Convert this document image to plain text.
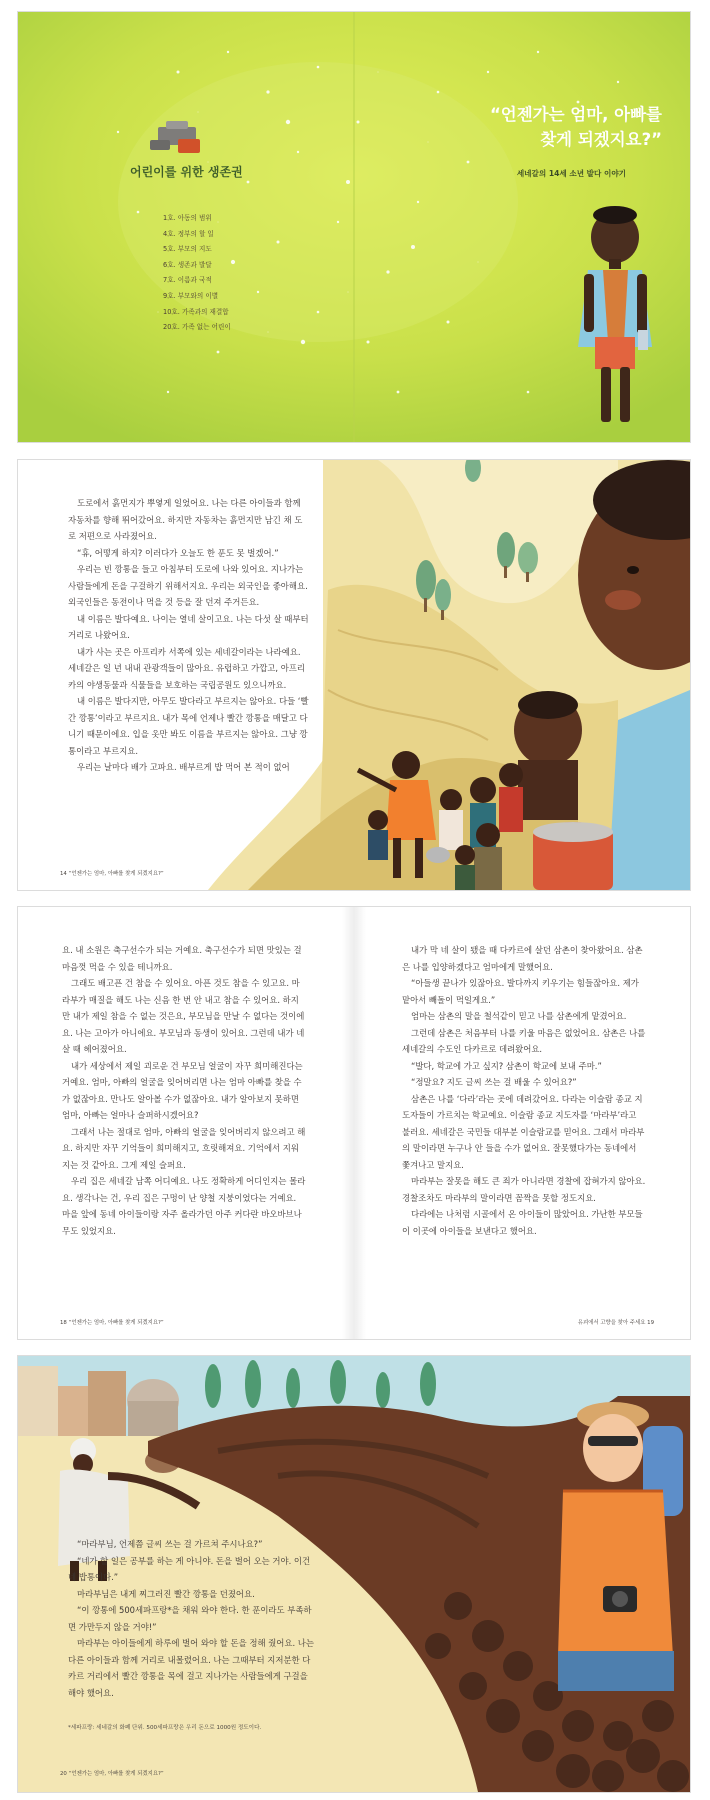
어린이를 위한 생존권
1호. 아동의 범위
4호. 정부의 할 일
5호. 부모의 지도
6호. 생존과 발달
7호. 이름과 국적
9호. 부모와의 이별
10호. 가족과의 재결합
20호. 가족 없는 어린이
“언젠가는 엄마, 아빠를
찾게 되겠지요?”
세네갈의 14세 소년 발다 이야기

도로에서 흙먼지가 뿌옇게 일었어요. 나는 다른 아이들과 함께 자동차를 향해 뛰어갔어요. 하지만 자동차는 흙먼지만 남긴 채 도로 저편으로 사라졌어요.

“휴, 어떻게 하지? 이러다가 오늘도 한 푼도 못 벌겠어.”

우리는 빈 깡통을 들고 아침부터 도로에 나와 있어요. 지나가는 사람들에게 돈을 구걸하기 위해서지요. 우리는 외국인을 좋아해요. 외국인들은 동전이나 먹을 것 등을 잘 던져 주거든요.

내 이름은 발다예요. 나이는 열네 살이고요. 나는 다섯 살 때부터 거리로 나왔어요.

내가 사는 곳은 아프리카 서쪽에 있는 세네갈이라는 나라예요. 세네갈은 일 년 내내 관광객들이 많아요. 유럽하고 가깝고, 아프리카의 야생동물과 식물들을 보호하는 국립공원도 있으니까요.

내 이름은 발다지만, 아무도 발다라고 부르지는 않아요. 다들 ‘빨간 깡통’이라고 부르지요. 내가 목에 언제나 빨간 깡통을 매달고 다니기 때문이에요. 입을 옷만 봐도 이름을 부르지는 않아요. 그냥 깡통이라고 부르지요.

우리는 날마다 배가 고파요. 배부르게 밥 먹어 본 적이 없어

14 “언젠가는 엄마, 아빠를 찾게 되겠지요?”

요. 내 소원은 축구선수가 되는 거예요. 축구선수가 되면 맛있는 걸 마음껏 먹을 수 있을 테니까요.

그래도 배고픈 건 참을 수 있어요. 아픈 것도 참을 수 있고요. 마라부가 매질을 해도 나는 신음 한 번 안 내고 참을 수 있어요. 하지만 내가 제일 참을 수 없는 것은요, 부모님을 만날 수 없다는 것이에요. 나는 고아가 아니에요. 부모님과 동생이 있어요. 그런데 내가 네 살 때 헤어졌어요.

내가 세상에서 제일 괴로운 건 부모님 얼굴이 자꾸 희미해진다는 거예요. 엄마, 아빠의 얼굴을 잊어버리면 나는 엄마 아빠를 찾을 수가 없잖아요. 만나도 알아볼 수가 없잖아요. 내가 알아보지 못하면 엄마, 아빠는 얼마나 슬퍼하시겠어요?

그래서 나는 절대로 엄마, 아빠의 얼굴을 잊어버리지 않으려고 해요. 하지만 자꾸 기억들이 희미해지고, 흐릿해져요. 기억에서 지워지는 것 같아요. 그게 제일 슬퍼요.

우리 집은 세네갈 남쪽 어디예요. 나도 정확하게 어디인지는 몰라요. 생각나는 건, 우리 집은 구멍이 난 양철 지붕이었다는 거예요. 마을 앞에 동네 아이들이랑 자주 올라가던 아주 커다란 바오바브나무도 있었지요.

내가 막 네 살이 됐을 때 다카르에 살던 삼촌이 찾아왔어요. 삼촌은 나를 입양하겠다고 엄마에게 말했어요.

“아들생 끝나가 있잖아요. 발다까지 키우기는 힘들잖아요. 제가 맡아서 빼돌이 먹일게요.”

엄마는 삼촌의 말을 철석같이 믿고 나를 삼촌에게 맡겼어요.

그런데 삼촌은 처음부터 나를 키울 마음은 없었어요. 삼촌은 나를 세네갈의 수도인 다카르로 데려왔어요.

“발다, 학교에 가고 싶지? 삼촌이 학교에 보내 주마.”

“정말요? 지도 글씨 쓰는 걸 배울 수 있어요?”

삼촌은 나를 ‘다라’라는 곳에 데려갔어요. 다라는 이슬람 종교 지도자들이 가르치는 학교예요. 이슬람 종교 지도자를 ‘마라부’라고 불러요. 세네갈은 국민들 대부분 이슬람교를 믿어요. 그래서 마라부의 말이라면 누구나 안 들을 수가 없어요. 잘못했다가는 동네에서 쫓겨나고 말지요.

마라부는 잘못을 해도 큰 죄가 아니라면 경찰에 잡혀가지 않아요. 경찰조차도 마라부의 말이라면 꼼짝을 못할 정도지요.

다라에는 나처럼 시골에서 온 아이들이 많았어요. 가난한 부모들이 이곳에 아이들을 보낸다고 했어요.

18 “언젠가는 엄마, 아빠를 찾게 되겠지요?”	유괴에서 고향을 찾아 주세요 19

“마라부님, 언제쯤 글씨 쓰는 걸 가르쳐 주시나요?”

“네가 할 일은 공부를 하는 게 아니야. 돈을 벌어 오는 거야. 이건 네 밥통이다.”

마라부님은 내게 찌그러진 빨간 깡통을 던졌어요.

“이 깡통에 500세파프랑*을 채워 와야 한다. 한 푼이라도 부족하면 가만두지 않을 거야!”

마라부는 아이들에게 하루에 벌어 와야 할 돈을 정해 줬어요. 나는 다른 아이들과 함께 거리로 내몰렸어요. 나는 그때부터 지저분한 다카르 거리에서 빨간 깡통을 목에 걸고 지나가는 사람들에게 구걸을 해야 했어요.

*세파프랑: 세네갈의 화폐 단위. 500세파프랑은 우리 돈으로 1000원 정도이다.
20 “언젠가는 엄마, 아빠를 찾게 되겠지요?”
